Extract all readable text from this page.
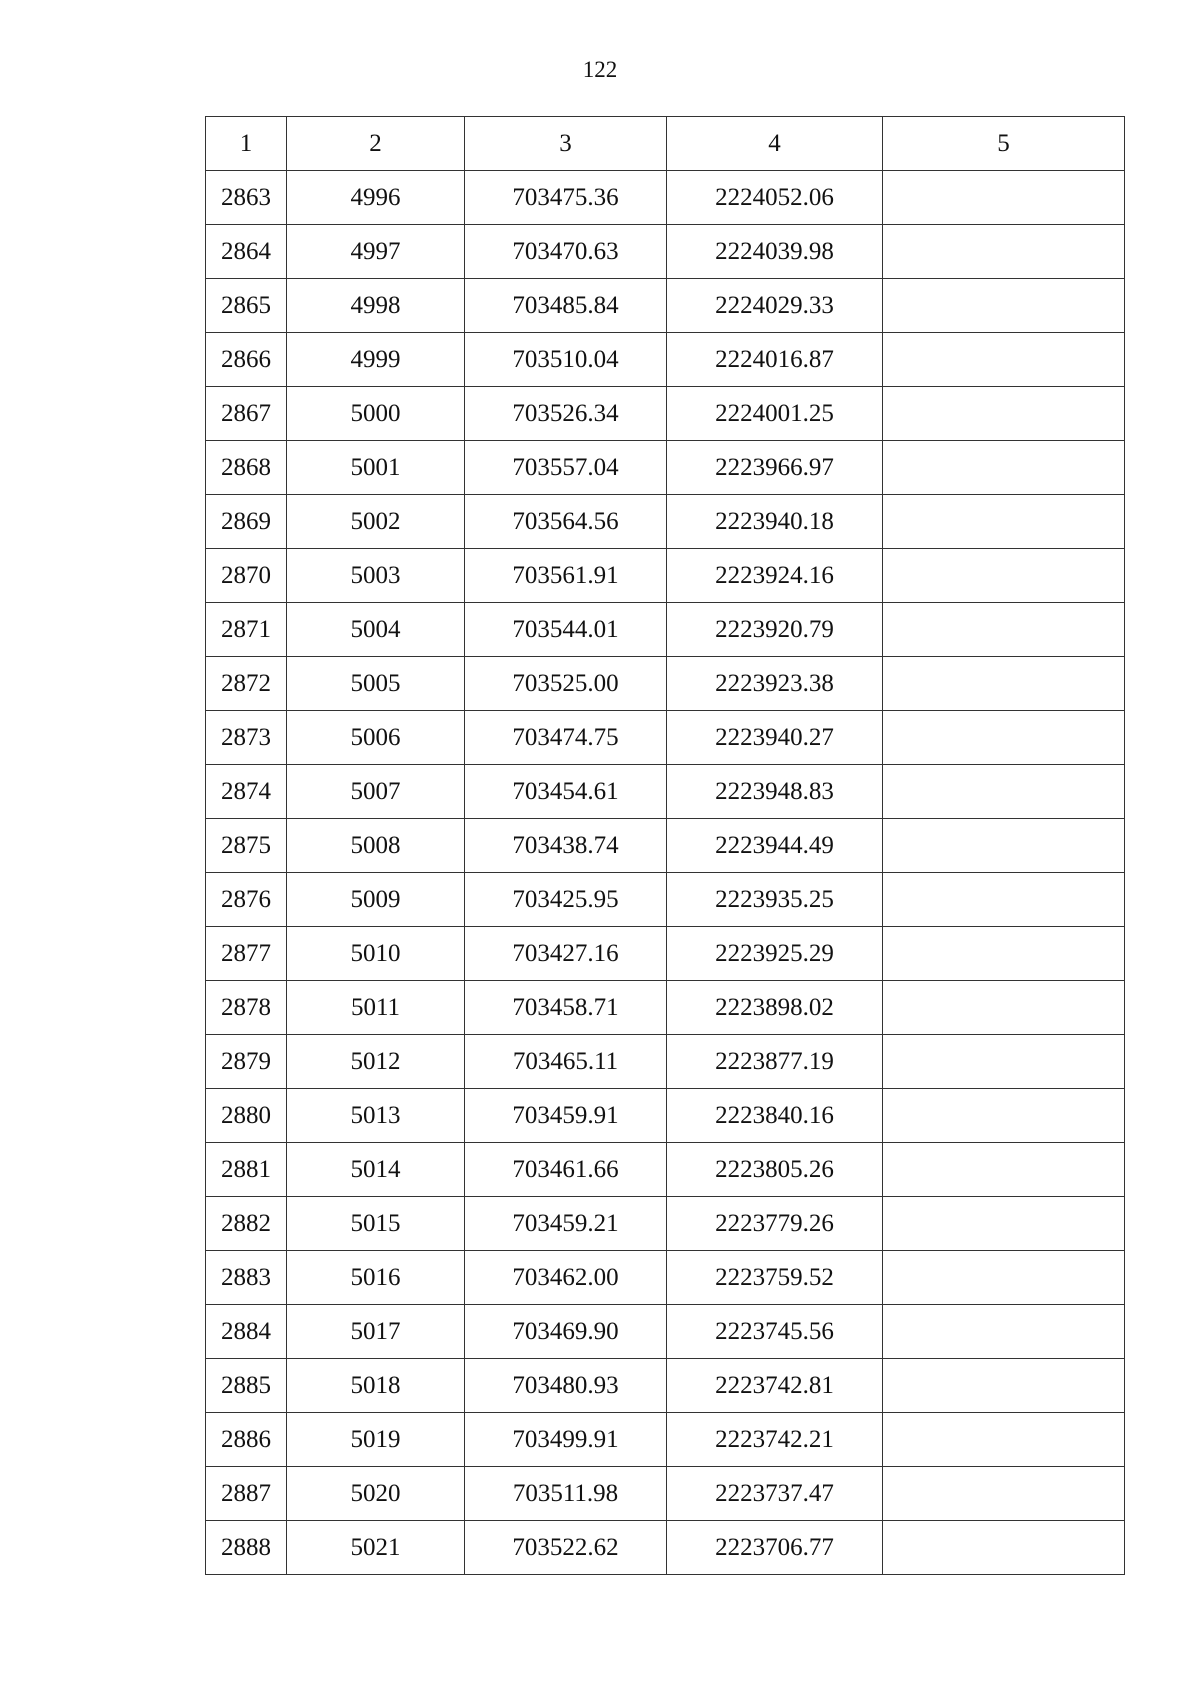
122
1	2	3	4	5
2863	4996	703475.36	2224052.06	
2864	4997	703470.63	2224039.98	
2865	4998	703485.84	2224029.33	
2866	4999	703510.04	2224016.87	
2867	5000	703526.34	2224001.25	
2868	5001	703557.04	2223966.97	
2869	5002	703564.56	2223940.18	
2870	5003	703561.91	2223924.16	
2871	5004	703544.01	2223920.79	
2872	5005	703525.00	2223923.38	
2873	5006	703474.75	2223940.27	
2874	5007	703454.61	2223948.83	
2875	5008	703438.74	2223944.49	
2876	5009	703425.95	2223935.25	
2877	5010	703427.16	2223925.29	
2878	5011	703458.71	2223898.02	
2879	5012	703465.11	2223877.19	
2880	5013	703459.91	2223840.16	
2881	5014	703461.66	2223805.26	
2882	5015	703459.21	2223779.26	
2883	5016	703462.00	2223759.52	
2884	5017	703469.90	2223745.56	
2885	5018	703480.93	2223742.81	
2886	5019	703499.91	2223742.21	
2887	5020	703511.98	2223737.47	
2888	5021	703522.62	2223706.77	
